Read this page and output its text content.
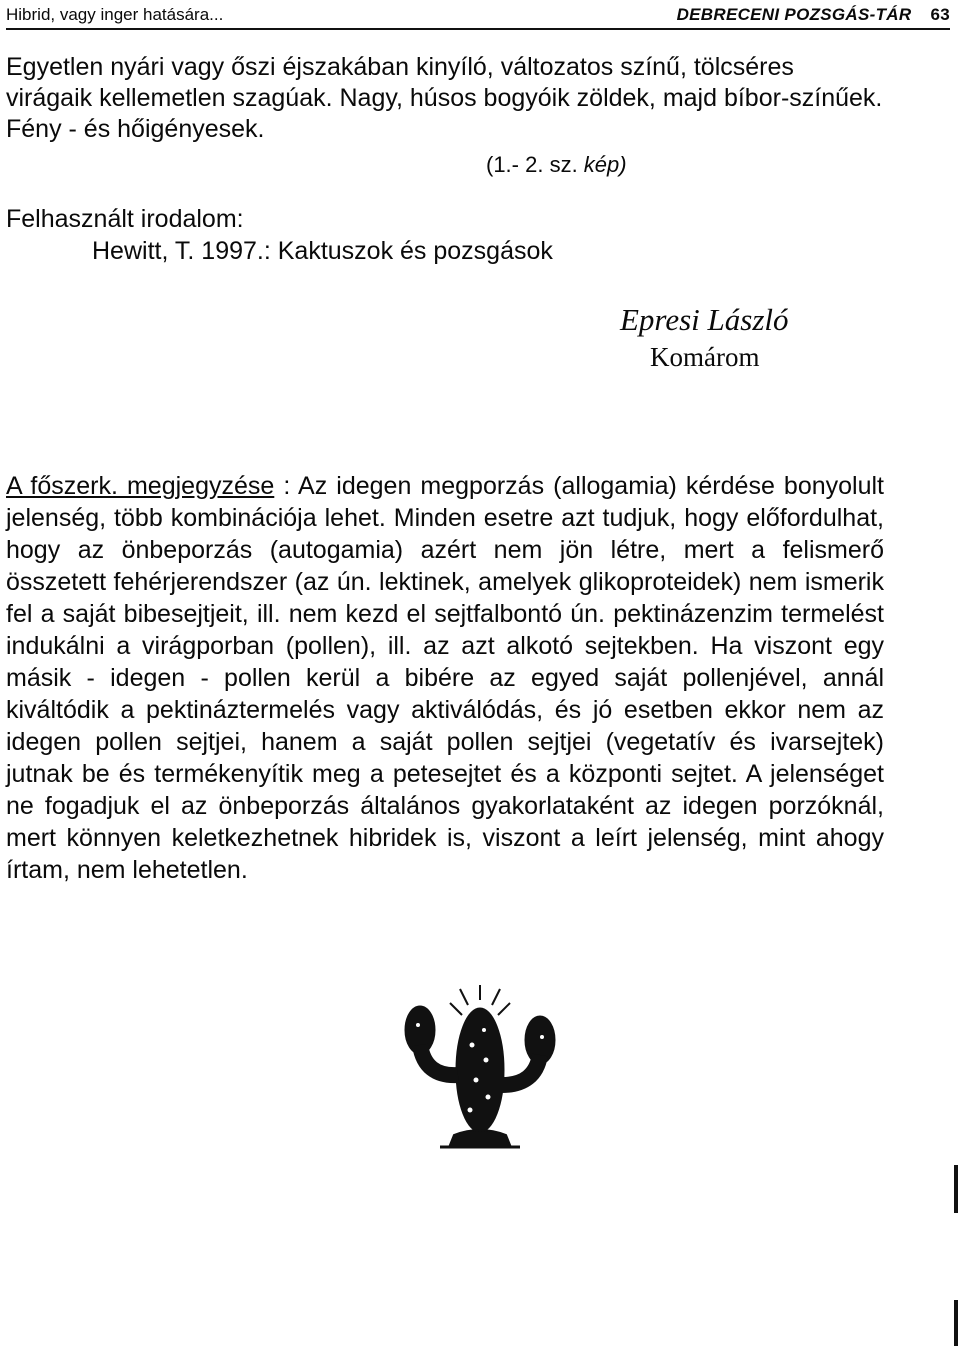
Hibrid, vagy inger hatására...	DEBRECENI POZSGÁS-TÁR 63
Egyetlen nyári vagy őszi éjszakában kinyíló, változatos színű, tölcséres virágaik kellemetlen szagúak. Nagy, húsos bogyóik zöldek, majd bíbor-színűek. Fény - és hőigényesek.
(1.- 2. sz. kép)
Felhasznált irodalom:
Hewitt, T. 1997.: Kaktuszok és pozsgások
Epresi László
Komárom
A főszerk. megjegyzése : Az idegen megporzás (allogamia) kérdése bonyolult jelenség, több kombinációja lehet. Minden esetre azt tudjuk, hogy előfordulhat, hogy az önbeporzás (autogamia) azért nem jön létre, mert a felismerő összetett fehérjerendszer (az ún. lektinek, amelyek glikoproteidek) nem ismerik fel a saját bibesejtjeit, ill. nem kezd el sejtfalbontó ún. pektinázenzim termelést indukálni a virágporban (pollen), ill. az azt alkotó sejtekben. Ha viszont egy másik - idegen - pollen kerül a bibére az egyed saját pollenjével, annál kiváltódik a pektináztermelés vagy aktiválódás, és jó esetben ekkor nem az idegen pollen sejtjei, hanem a saját pollen sejtjei (vegetatív és ivarsejtek) jutnak be és termékenyítik meg a petesejtet és a központi sejtet. A jelenséget ne fogadjuk el az önbeporzás általános gyakorlataként az idegen porzóknál, mert könnyen keletkezhetnek hibridek is, viszont a leírt jelenség, mint ahogy írtam, nem lehetetlen.
